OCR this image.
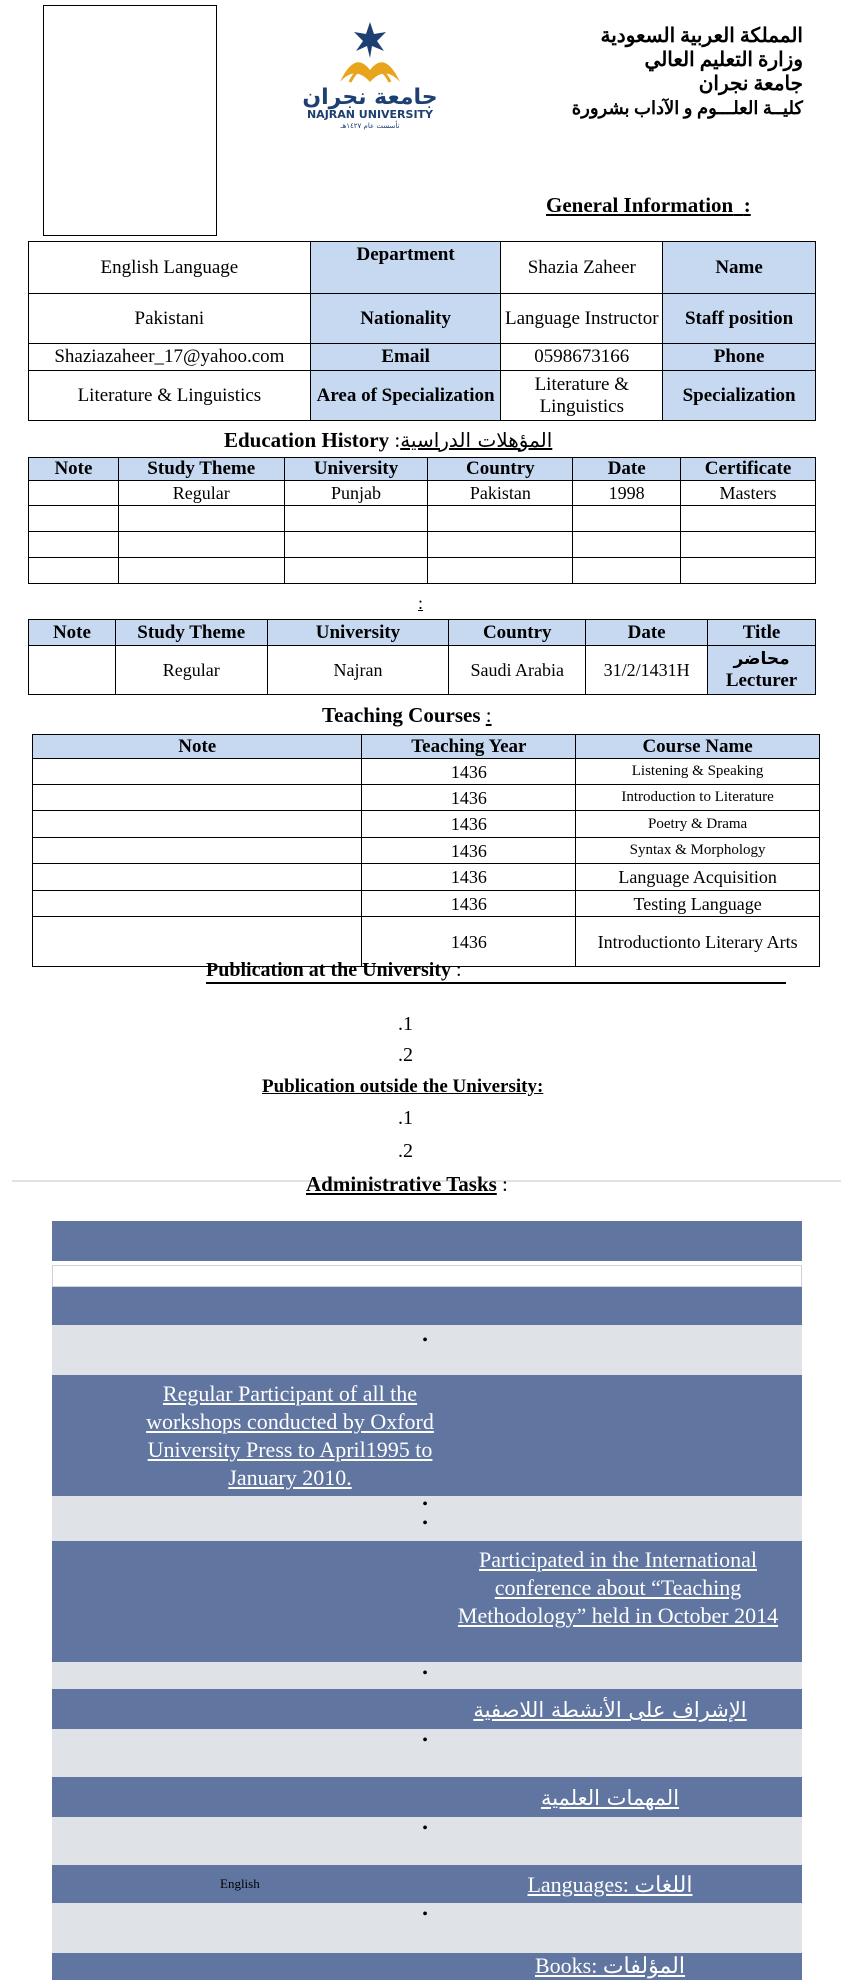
جامعة نجران
NAJRAN UNIVERSITY
تأسست عام ١٤٢٧هـ
المملكة العربية السعودية
وزارة التعليم العالي
جامعة نجران
كليــة العلـــوم و الآداب بشرورة
General Information :
English Language	Department	Shazia Zaheer	Name
Pakistani	Nationality	Language Instructor	Staff position
Shaziazaheer_17@yahoo.com	Email	0598673166	Phone
Literature & Linguistics	Area of Specialization	Literature & Linguistics	Specialization
Education History :المؤهلات الدراسية
Note	Study Theme	University	Country	Date	Certificate
	Regular	Punjab	Pakistan	1998	Masters

:
Note	Study Theme	University	Country	Date	Title
	Regular	Najran	Saudi Arabia	31/2/1431H	محاضر
Lecturer
Teaching Courses :
Note	Teaching Year	Course Name
	1436	Listening & Speaking
	1436	Introduction to Literature
	1436	Poetry & Drama
	1436	Syntax & Morphology
	1436	Language Acquisition
	1436	Testing Language
	1436	Introductionto Literary Arts
Publication at the University :
.1
.2
Publication outside the University:
.1
.2
Administrative Tasks :
•
Regular Participant of all the workshops conducted by Oxford University Press to April1995 to January 2010.
•
•
Participated in the International conference about “Teaching Methodology” held in October 2014
•
الإشراف على الأنشطة اللاصفية
•
المهمات العلمية
•
English	Languages: اللغات
•
Books: المؤلفات
